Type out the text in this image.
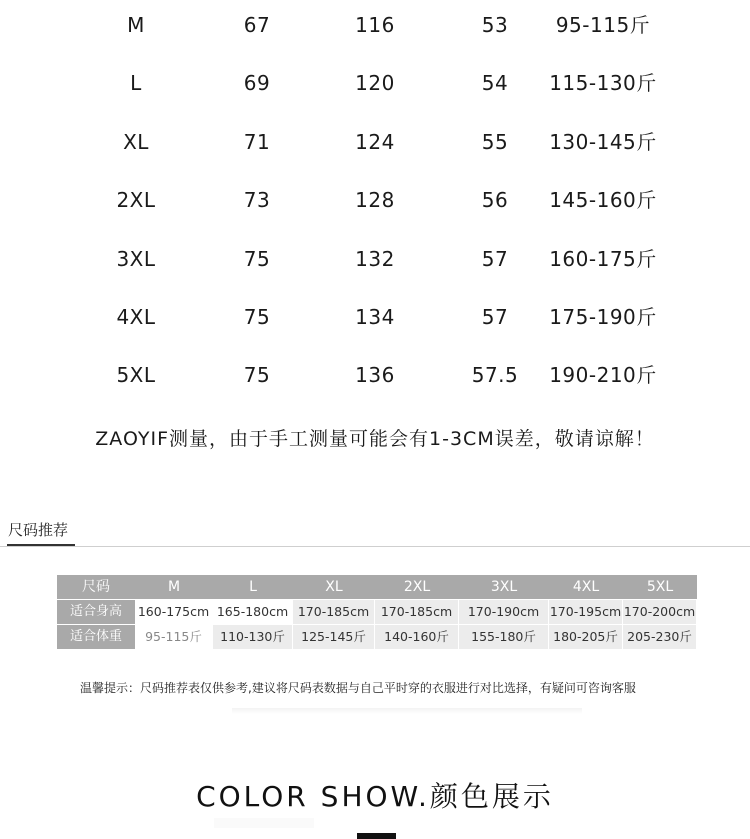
M	67	116	53 95-115斤
L	69	120	54 115-130斤
XL	71	124	55 130-145斤
2XL	73	128	56 145-160斤
3XL	75	132	57 160-175斤
4XL	75	134	57 175-190斤
5XL	75	136	57.5 190-210斤
ZAOYIF测量，由于手工测量可能会有1-3CM误差，敬请谅解！
尺码推荐
尺码	M	L	XL	2XL	3XL	4XL	5XL
适合身高	160-175cm 165-180cm 170-185cm 170-185cm	170-190cm 170-195cm 170-200cm
适合体重	95-115斤	110-130斤	125-145斤	140-160斤	155-180斤	180-205斤 205-230斤
温馨提示：尺码推荐表仅供参考,建议将尺码表数据与自己平时穿的衣服进行对比选择，有疑问可咨询客服
COLOR SHOW.颜色展示
